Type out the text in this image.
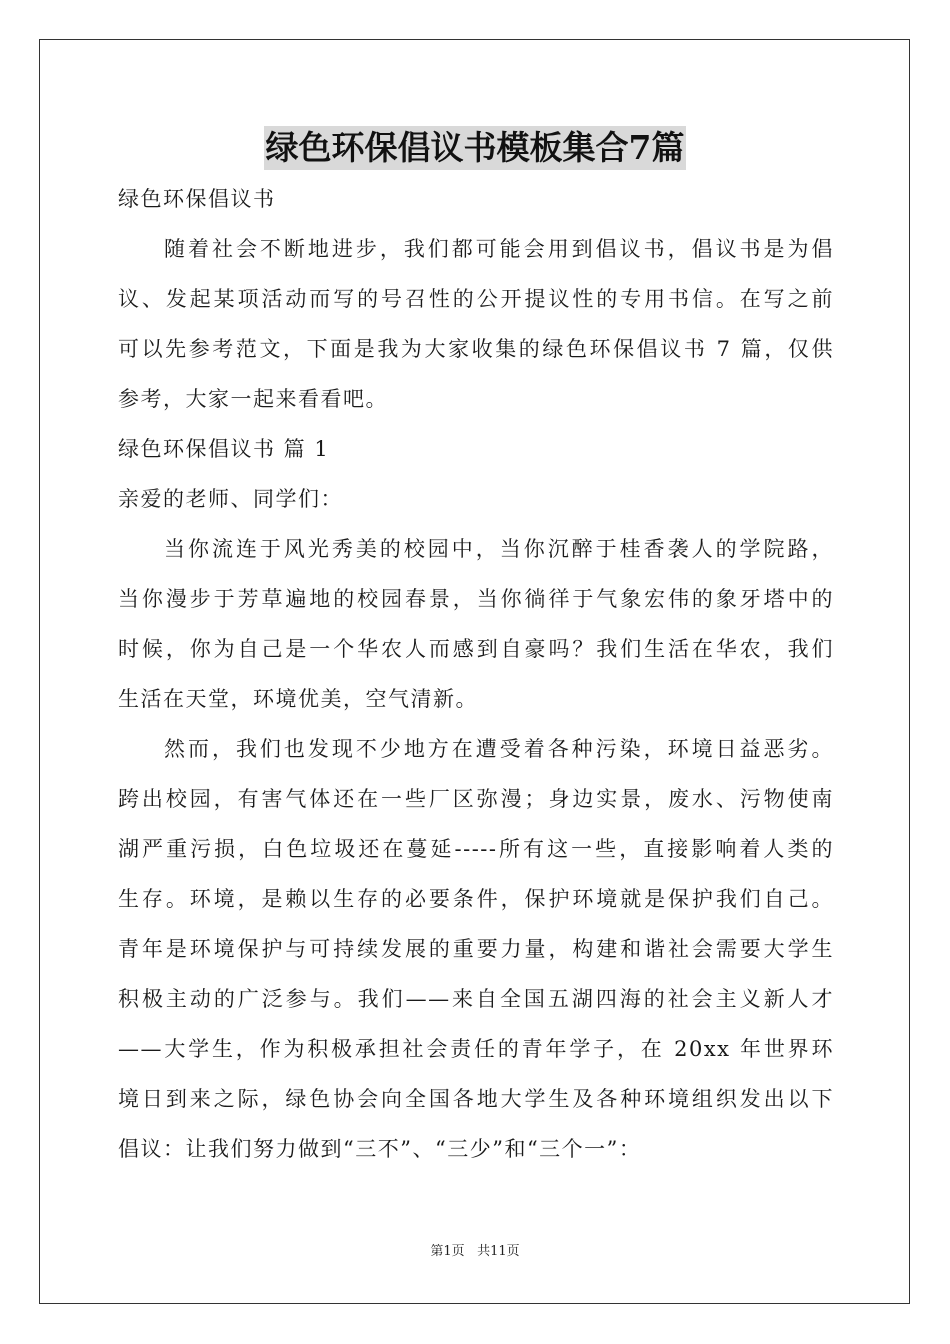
绿色环保倡议书模板集合7篇
绿色环保倡议书
随着社会不断地进步，我们都可能会用到倡议书，倡议书是为倡
议、发起某项活动而写的号召性的公开提议性的专用书信。在写之前
可以先参考范文，下面是我为大家收集的绿色环保倡议书 7 篇，仅供
参考，大家一起来看看吧。
绿色环保倡议书 篇 1
亲爱的老师、同学们：
当你流连于风光秀美的校园中，当你沉醉于桂香袭人的学院路，
当你漫步于芳草遍地的校园春景，当你徜徉于气象宏伟的象牙塔中的
时候，你为自己是一个华农人而感到自豪吗？我们生活在华农，我们
生活在天堂，环境优美，空气清新。
然而，我们也发现不少地方在遭受着各种污染，环境日益恶劣。
跨出校园，有害气体还在一些厂区弥漫；身边实景，废水、污物使南
湖严重污损，白色垃圾还在蔓延-----所有这一些，直接影响着人类的
生存。环境，是赖以生存的必要条件，保护环境就是保护我们自己。
青年是环境保护与可持续发展的重要力量，构建和谐社会需要大学生
积极主动的广泛参与。我们——来自全国五湖四海的社会主义新人才
——大学生，作为积极承担社会责任的青年学子，在 20xx 年世界环
境日到来之际，绿色协会向全国各地大学生及各种环境组织发出以下
倡议：让我们努力做到“三不”、“三少”和“三个一”：
第1页 共11页
